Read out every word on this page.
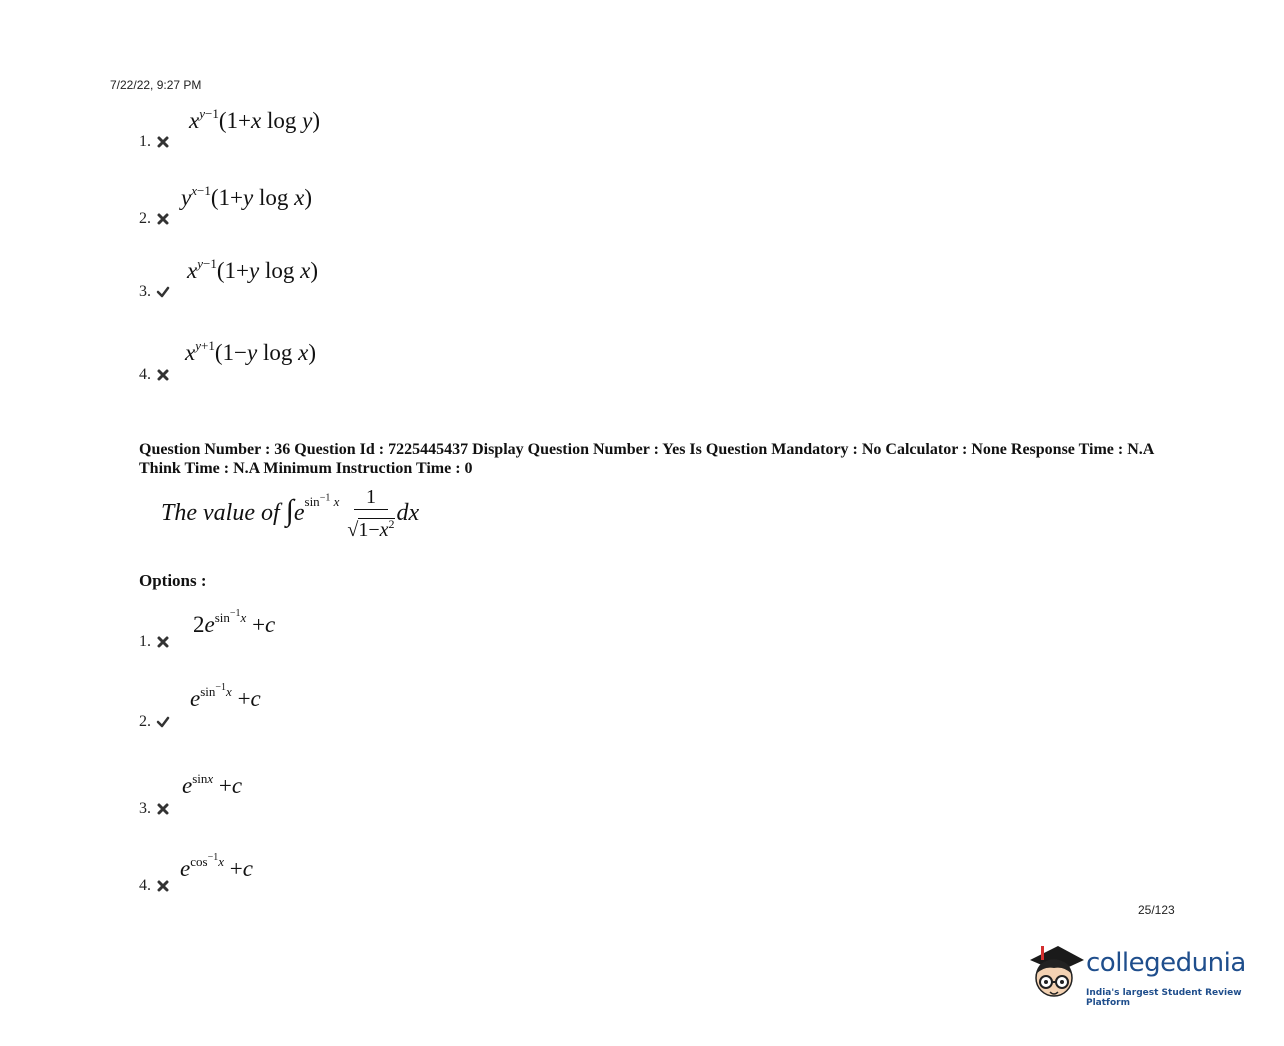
7/22/22, 9:27 PM
$x^{y-1}(1+x$ log y)
1.
$y^{x-1}(1+y$ log x)
2.
$x^{y-1}(1+y$ log x)
3.
$x^{y+1}(1-y$ log x)
4.
Question Number : 36 Question Id : 7225445437 Display Question Number : Yes Is Question Mandatory : No Calculator : None Response Time : N.A Think Time : N.A Minimum Instruction Time : 0
The value of $\int e^{sin^{-1} x} \frac{1}{√1-x^2}$ dx
Options :
$2e^{sin^{-1}x} +c$
1.
$e^{sin^{-1}x} +c$
2.
$e^{sinx} +c$
3.
$e^{cos^{-1}x} +c$
4.
25/123
collegedunia
India's largest Student Review Platform
